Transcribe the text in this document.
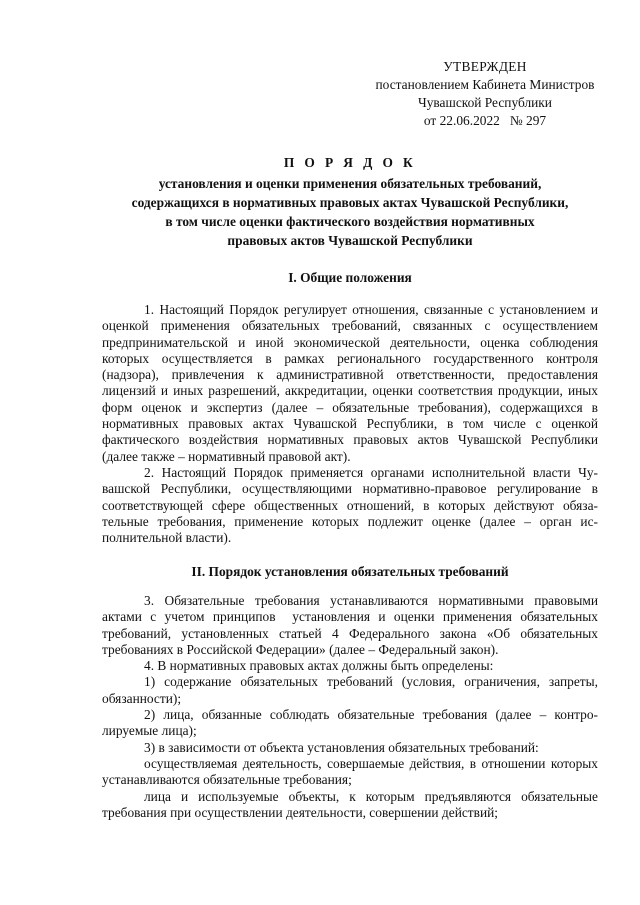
УТВЕРЖДЕН
постановлением Кабинета Министров
Чувашской Республики
от 22.06.2022   № 297
П О Р Я Д О К
установления и оценки применения обязательных требований,
содержащихся в нормативных правовых актах Чувашской Республики,
в том числе оценки фактического воздействия нормативных
правовых актов Чувашской Республики
I. Общие положения

1. Настоящий Порядок регулирует отношения, связанные с установлением и оценкой применения обязательных требований, связанных с осуществлением предпринимательской и иной экономической деятельности, оценка соблюдения которых осуществляется в рамках регионального государственного контроля (надзора), привлечения к административной ответственности, предоставления лицензий и иных разрешений, аккредитации, оценки соответствия продукции, иных форм оценок и экспертиз (далее – обязательные требования), содержащихся в нормативных правовых актах Чувашской Республики, в том числе с оценкой фактического воздействия нормативных правовых актов Чувашской Республики (далее также – нормативный правовой акт).

2. Настоящий Порядок применяется органами исполнительной власти Чувашской Республики, осуществляющими нормативно-правовое регулирование в соответствующей сфере общественных отношений, в которых действуют обязательные требования, применение которых подлежит оценке (далее – орган исполнительной власти).

II. Порядок установления обязательных требований

3. Обязательные требования устанавливаются нормативными правовыми актами с учетом принципов  установления и оценки применения обязательных требований, установленных статьей 4 Федерального закона «Об обязательных требованиях в Российской Федерации» (далее – Федеральный закон).

4. В нормативных правовых актах должны быть определены:

1) содержание обязательных требований (условия, ограничения, запреты, обязанности);

2) лица, обязанные соблюдать обязательные требования (далее – контролируемые лица);

3) в зависимости от объекта установления обязательных требований:

осуществляемая деятельность, совершаемые действия, в отношении которых устанавливаются обязательные требования;

лица и используемые объекты, к которым предъявляются обязательные требования при осуществлении деятельности, совершении действий;
